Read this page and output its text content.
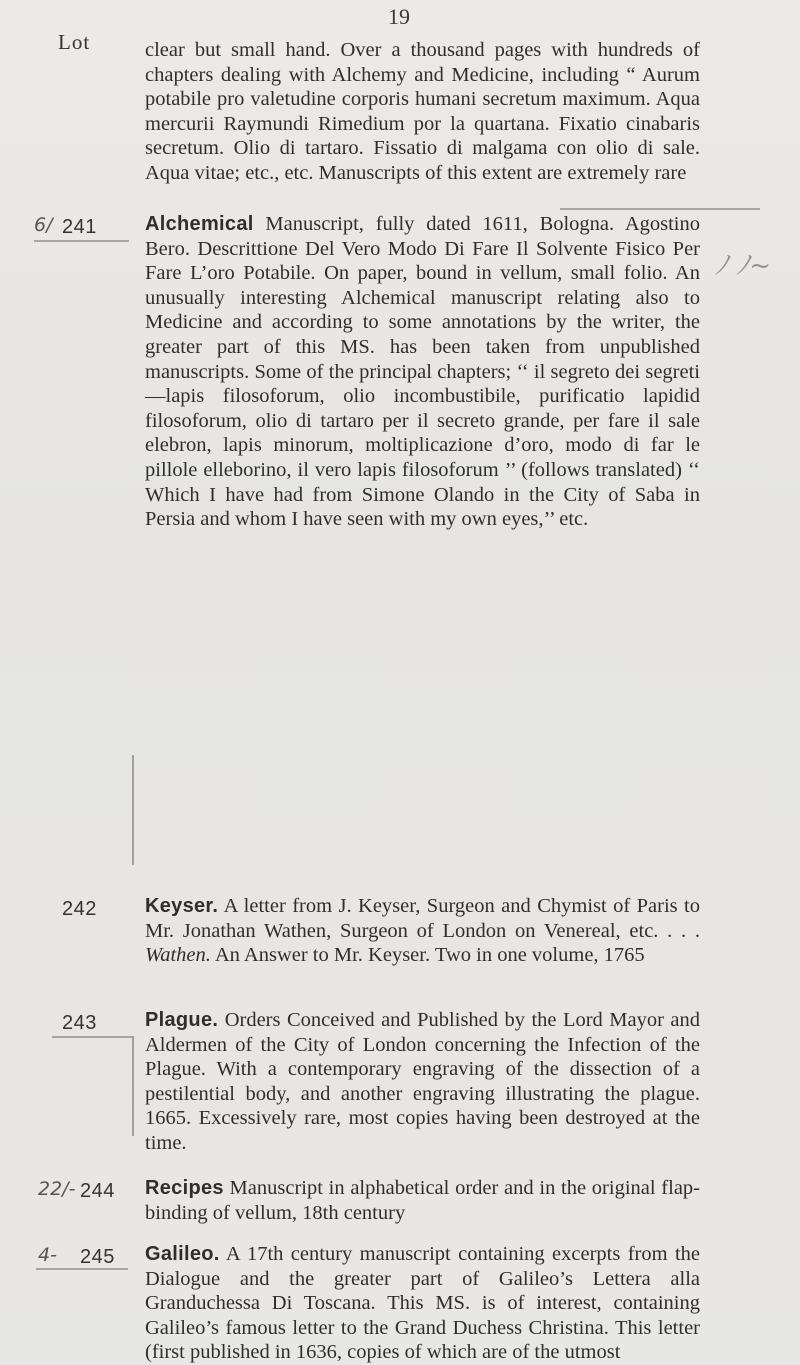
19
Lot	clear but small hand. Over a thousand pages with hundreds of chapters dealing with Alchemy and Medicine, including “ Aurum potabile pro valetudine corporis humani secretum maximum. Aqua mercurii Raymundi Rimedium por la quartana. Fixatio cinabaris secretum. Olio di tartaro. Fissatio di malgama con olio di sale. Aqua vitae; etc., etc. Manuscripts of this extent are extremely rare
6/ 241 Alchemical Manuscript, fully dated 1611, Bologna. Agostino Bero. Descrittione Del Vero Modo Di Fare Il Solvente Fisico Per Fare L’oro Potabile. On paper, bound in vellum, small folio. An unusually interesting Alchemical manuscript relating also to Medicine and according to some annotations by the writer, the greater part of this MS. has been taken from unpublished manuscripts. Some of the principal chapters; ‘‘ il segreto dei segreti—lapis filosoforum, olio incombustibile, purificatio lapidid filosoforum, olio di tartaro per il secreto grande, per fare il sale elebron, lapis minorum, moltiplicazione d’oro, modo di far le pillole elleborino, il vero lapis filosoforum ’’ (follows translated) ‘‘ Which I have had from Simone Olando in the City of Saba in Persia and whom I have seen with my own eyes,’’ etc.
ﾉ ﾉ~
242 Keyser. A letter from J. Keyser, Surgeon and Chymist of Paris to Mr. Jonathan Wathen, Surgeon of London on Venereal, etc. . . . Wathen. An Answer to Mr. Keyser. Two in one volume, 1765
243 Plague. Orders Conceived and Published by the Lord Mayor and Aldermen of the City of London concerning the Infection of the Plague. With a contemporary engraving of the dissection of a pestilential body, and another engraving illustrating the plague. 1665. Excessively rare, most copies having been destroyed at the time.
22/- 244 Recipes Manuscript in alphabetical order and in the original flap-binding of vellum, 18th century
4- 245 Galileo. A 17th century manuscript containing excerpts from the Dialogue and the greater part of Galileo’s Lettera alla Granduchessa Di Toscana. This MS. is of interest, containing Galileo’s famous letter to the Grand Duchess Christina. This letter (first published in 1636, copies of which are of the utmost
